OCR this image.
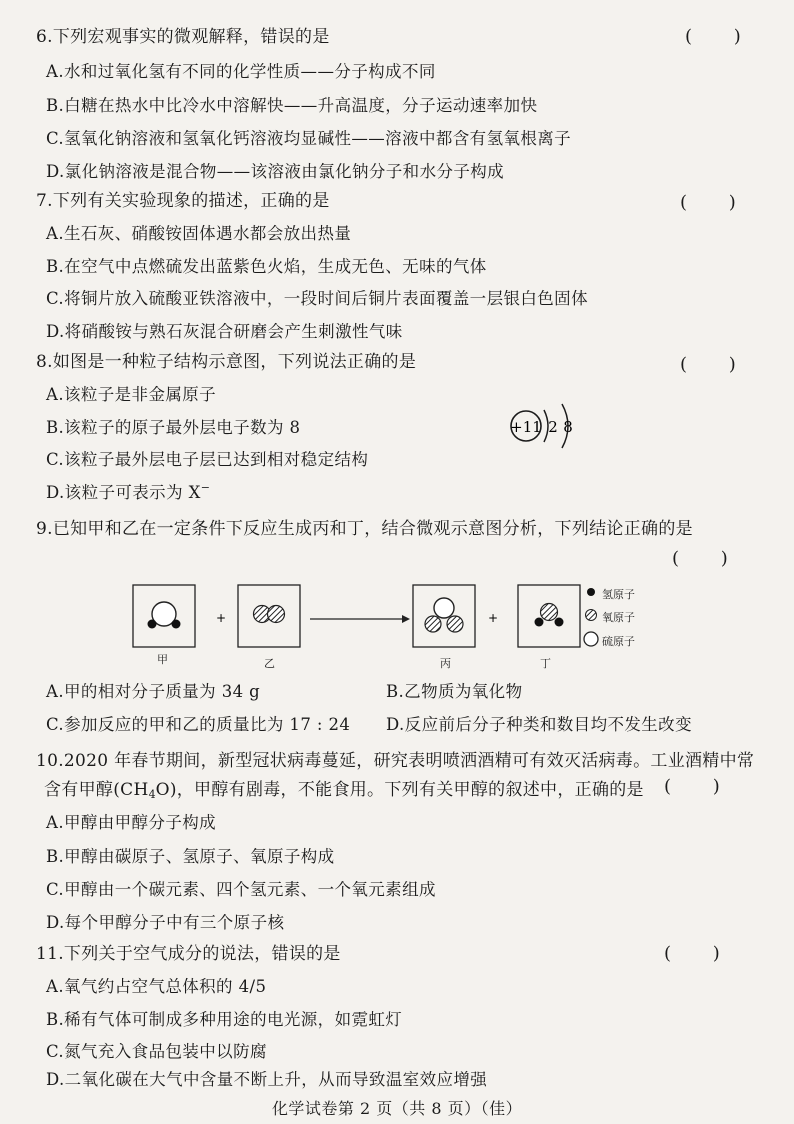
6.下列宏观事实的微观解释，错误的是	( )
A.水和过氧化氢有不同的化学性质——分子构成不同
B.白糖在热水中比冷水中溶解快——升高温度，分子运动速率加快
C.氢氧化钠溶液和氢氧化钙溶液均显碱性——溶液中都含有氢氧根离子
D.氯化钠溶液是混合物——该溶液由氯化钠分子和水分子构成
7.下列有关实验现象的描述，正确的是	( )
A.生石灰、硝酸铵固体遇水都会放出热量
B.在空气中点燃硫发出蓝紫色火焰，生成无色、无味的气体
C.将铜片放入硫酸亚铁溶液中，一段时间后铜片表面覆盖一层银白色固体
D.将硝酸铵与熟石灰混合研磨会产生刺激性气味
8.如图是一种粒子结构示意图，下列说法正确的是	( )
A.该粒子是非金属原子
B.该粒子的原子最外层电子数为 8
C.该粒子最外层电子层已达到相对稳定结构
D.该粒子可表示为 X−
+11 2 8
9.已知甲和乙在一定条件下反应生成丙和丁，结合微观示意图分析，下列结论正确的是
( )
+	+
氢原子
氧原子
硫原子
甲	乙	丙	丁
A.甲的相对分子质量为 34 g	B.乙物质为氧化物
C.参加反应的甲和乙的质量比为 17 : 24 D.反应前后分子种类和数目均不发生改变
10.2020 年春节期间，新型冠状病毒蔓延，研究表明喷洒酒精可有效灭活病毒。工业酒精中常
含有甲醇$(CH_4O)$，甲醇有剧毒，不能食用。下列有关甲醇的叙述中，正确的是 ( )
A.甲醇由甲醇分子构成
B.甲醇由碳原子、氢原子、氧原子构成
C.甲醇由一个碳元素、四个氢元素、一个氧元素组成
D.每个甲醇分子中有三个原子核
11.下列关于空气成分的说法，错误的是	( )
A.氧气约占空气总体积的 4/5
B.稀有气体可制成多种用途的电光源，如霓虹灯
C.氮气充入食品包装中以防腐
D.二氧化碳在大气中含量不断上升，从而导致温室效应增强
化学试卷第 2 页（共 8 页）（佳）
